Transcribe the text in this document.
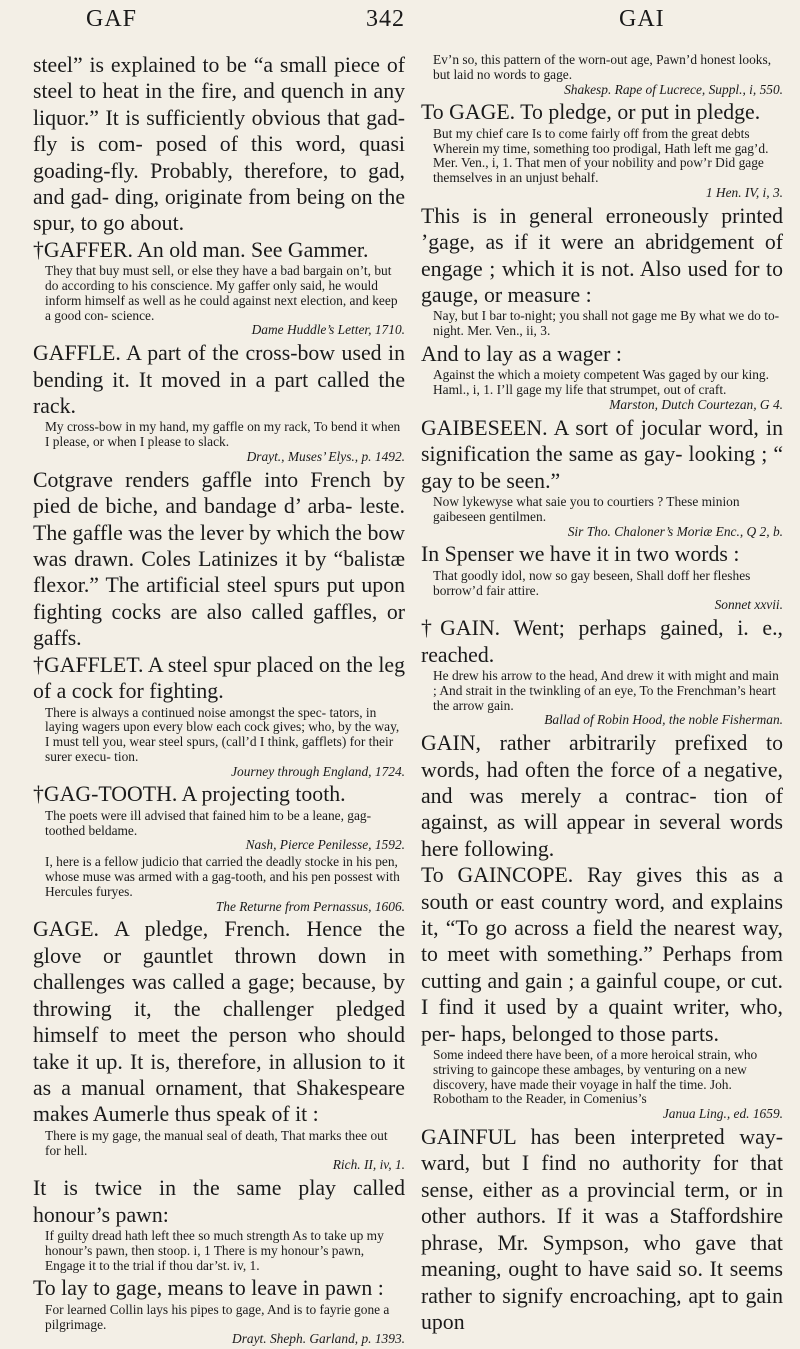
GAF	342	GAI

steel” is explained to be “a small piece of steel to heat in the fire, and quench in any liquor.” It is sufficiently obvious that gad-fly is com- posed of this word, quasi goading-fly. Probably, therefore, to gad, and gad- ding, originate from being on the spur, to go about.

†GAFFER. An old man. See Gammer.

They that buy must sell, or else they have a bad bargain on’t, but do according to his conscience. My gaffer only said, he would inform himself as well as he could against next election, and keep a good con- science.
Dame Huddle’s Letter, 1710.

GAFFLE. A part of the cross-bow used in bending it. It moved in a part called the rack.

My cross-bow in my hand, my gaffle on my rack, To bend it when I please, or when I please to slack.
Drayt., Muses’ Elys., p. 1492.

Cotgrave renders gaffle into French by pied de biche, and bandage d’ arba- leste. The gaffle was the lever by which the bow was drawn. Coles Latinizes it by “balistæ flexor.” The artificial steel spurs put upon fighting cocks are also called gaffles, or gaffs.

†GAFFLET. A steel spur placed on the leg of a cock for fighting.

There is always a continued noise amongst the spec- tators, in laying wagers upon every blow each cock gives; who, by the way, I must tell you, wear steel spurs, (call’d I think, gafflets) for their surer execu- tion.
Journey through England, 1724.

†GAG-TOOTH. A projecting tooth.

The poets were ill advised that fained him to be a leane, gag-toothed beldame.
Nash, Pierce Penilesse, 1592.

I, here is a fellow judicio that carried the deadly stocke in his pen, whose muse was armed with a gag-tooth, and his pen possest with Hercules furyes.
The Returne from Pernassus, 1606.

GAGE. A pledge, French. Hence the glove or gauntlet thrown down in challenges was called a gage; because, by throwing it, the challenger pledged himself to meet the person who should take it up. It is, therefore, in allusion to it as a manual ornament, that Shakespeare makes Aumerle thus speak of it :

There is my gage, the manual seal of death, That marks thee out for hell.
Rich. II, iv, 1.

It is twice in the same play called honour’s pawn:

If guilty dread hath left thee so much strength As to take up my honour’s pawn, then stoop. i, 1 There is my honour’s pawn, Engage it to the trial if thou dar’st. iv, 1.

To lay to gage, means to leave in pawn :

For learned Collin lays his pipes to gage, And is to fayrie gone a pilgrimage.
Drayt. Sheph. Garland, p. 1393.

Ev’n so, this pattern of the worn-out age, Pawn’d honest looks, but laid no words to gage.
Shakesp. Rape of Lucrece, Suppl., i, 550.

To GAGE. To pledge, or put in pledge.

But my chief care Is to come fairly off from the great debts Wherein my time, something too prodigal, Hath left me gag’d. Mer. Ven., i, 1. That men of your nobility and pow’r Did gage themselves in an unjust behalf.
1 Hen. IV, i, 3.

This is in general erroneously printed ’gage, as if it were an abridgement of engage ; which it is not. Also used for to gauge, or measure :

Nay, but I bar to-night; you shall not gage me By what we do to-night. Mer. Ven., ii, 3.

And to lay as a wager :

Against the which a moiety competent Was gaged by our king. Haml., i, 1. I’ll gage my life that strumpet, out of craft.
Marston, Dutch Courtezan, G 4.

GAIBESEEN. A sort of jocular word, in signification the same as gay- looking ; “ gay to be seen.”

Now lykewyse what saie you to courtiers ? These minion gaibeseen gentilmen.
Sir Tho. Chaloner’s Moriæ Enc., Q 2, b.

In Spenser we have it in two words :

That goodly idol, now so gay beseen, Shall doff her fleshes borrow’d fair attire.
Sonnet xxvii.

†GAIN. Went; perhaps gained, i. e., reached.

He drew his arrow to the head, And drew it with might and main ; And strait in the twinkling of an eye, To the Frenchman’s heart the arrow gain.
Ballad of Robin Hood, the noble Fisherman.

GAIN, rather arbitrarily prefixed to words, had often the force of a negative, and was merely a contrac- tion of against, as will appear in several words here following.

To GAINCOPE. Ray gives this as a south or east country word, and explains it, “To go across a field the nearest way, to meet with something.” Perhaps from cutting and gain ; a gainful coupe, or cut. I find it used by a quaint writer, who, per- haps, belonged to those parts.

Some indeed there have been, of a more heroical strain, who striving to gaincope these ambages, by venturing on a new discovery, have made their voyage in half the time. Joh. Robotham to the Reader, in Comenius’s
Janua Ling., ed. 1659.

GAINFUL has been interpreted way- ward, but I find no authority for that sense, either as a provincial term, or in other authors. If it was a Staffordshire phrase, Mr. Sympson, who gave that meaning, ought to have said so. It seems rather to signify encroaching, apt to gain upon
